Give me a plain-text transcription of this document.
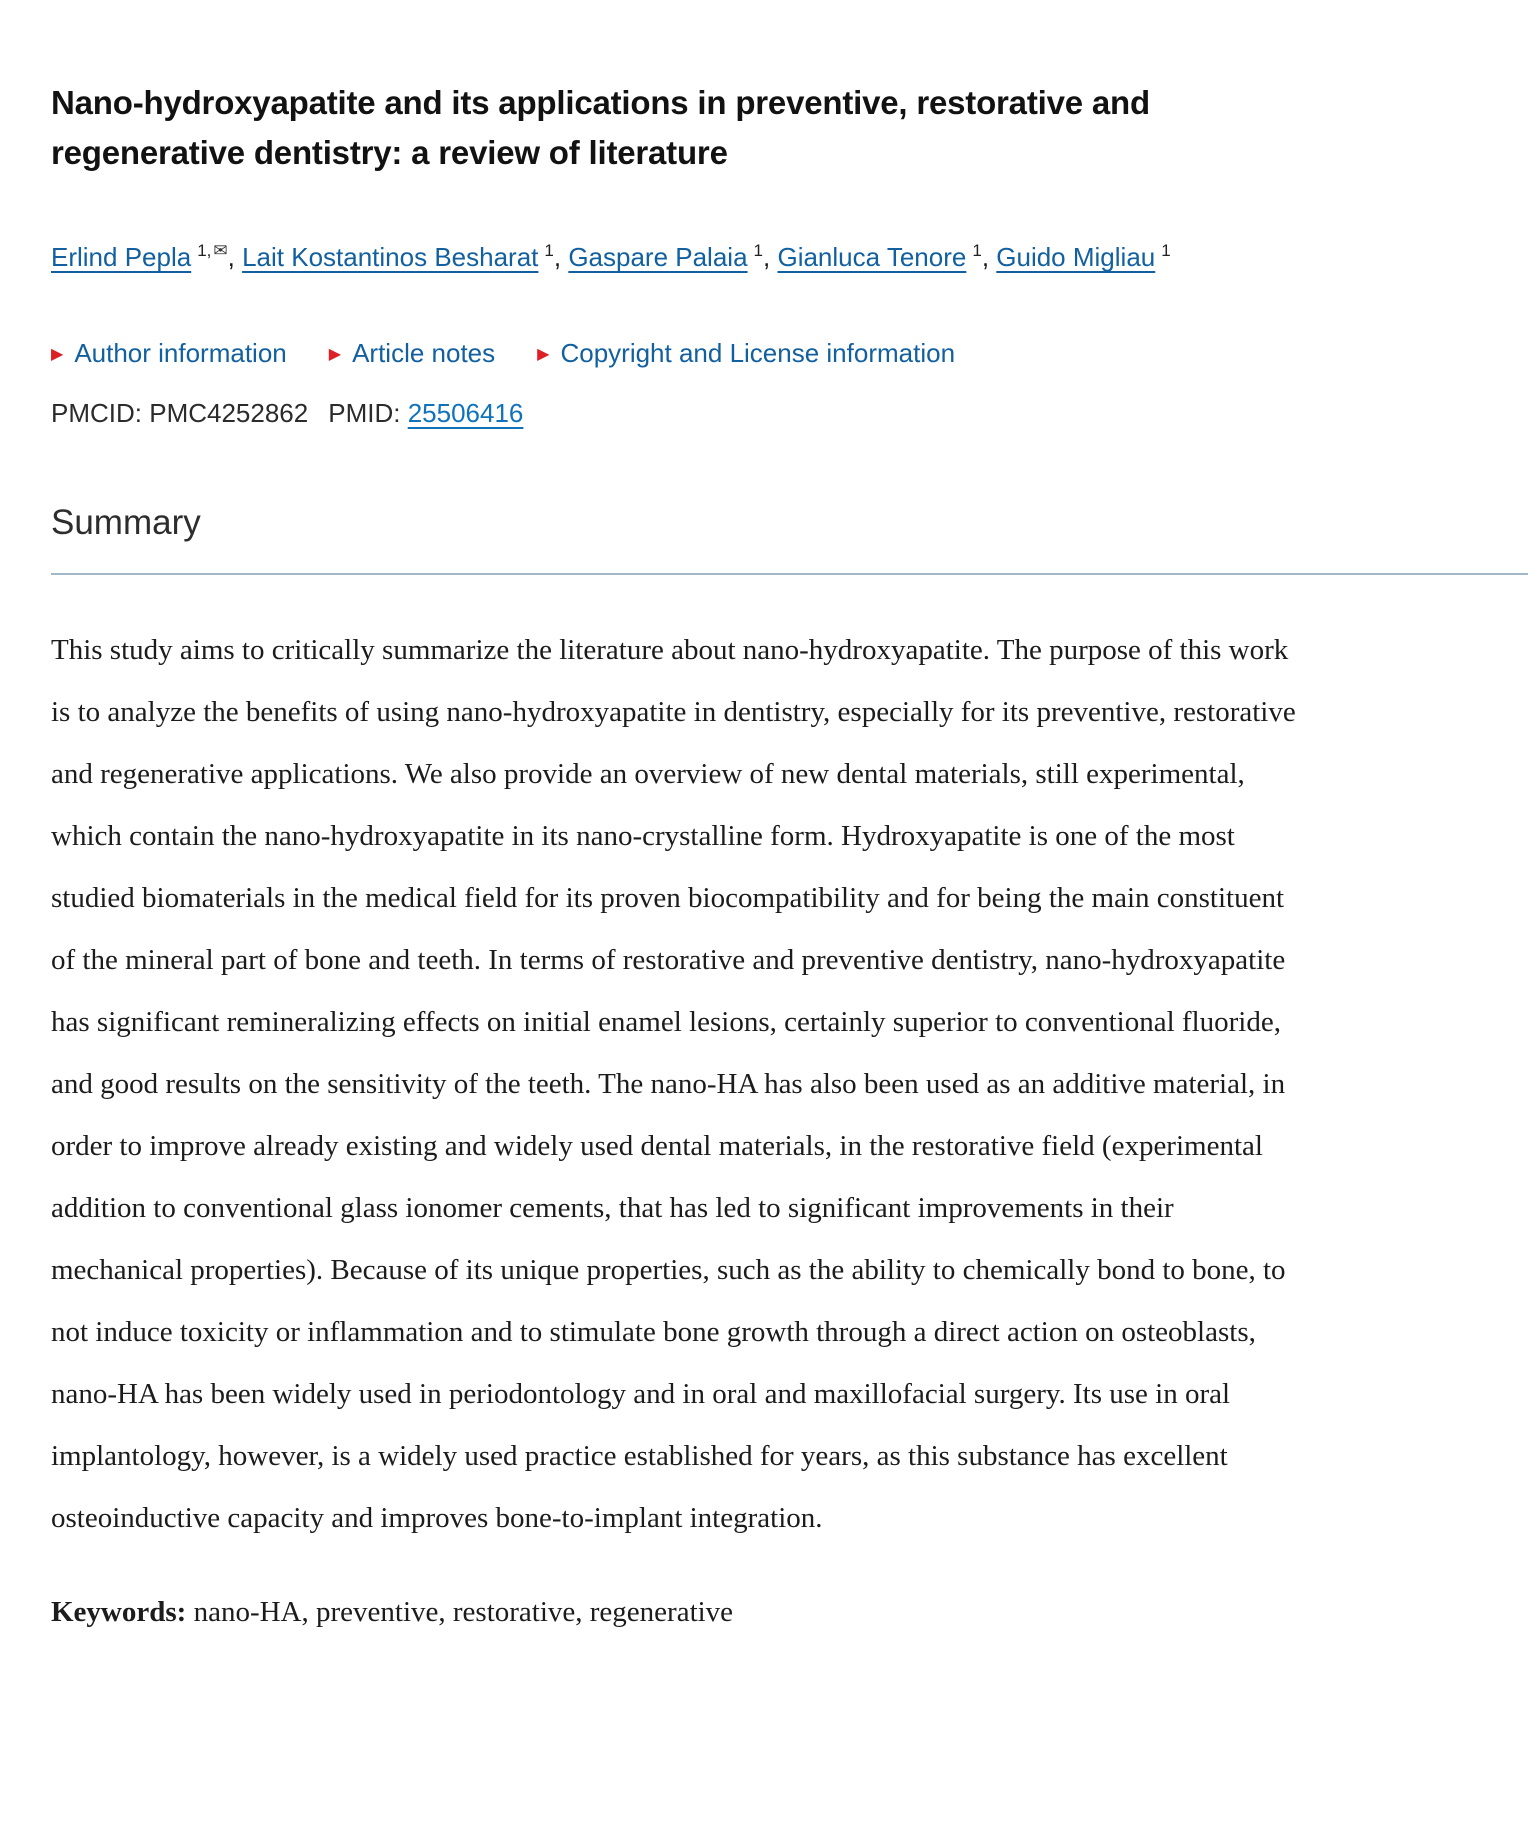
Nano-hydroxyapatite and its applications in preventive, restorative and regenerative dentistry: a review of literature
Erlind Pepla $^{1, ✉}$, Lait Kostantinos Besharat $^1$, Gaspare Palaia $^1$, Gianluca Tenore $^1$, Guido Migliau $^1$
▶ Author information	▶ Article notes	▶ Copyright and License information
PMCID: PMC4252862 PMID: 25506416
Summary

This study aims to critically summarize the literature about nano-hydroxyapatite. The purpose of this work is to analyze the benefits of using nano-hydroxyapatite in dentistry, especially for its preventive, restorative and regenerative applications. We also provide an overview of new dental materials, still experimental, which contain the nano-hydroxyapatite in its nano-crystalline form. Hydroxyapatite is one of the most studied biomaterials in the medical field for its proven biocompatibility and for being the main constituent of the mineral part of bone and teeth. In terms of restorative and preventive dentistry, nano-hydroxyapatite has significant remineralizing effects on initial enamel lesions, certainly superior to conventional fluoride, and good results on the sensitivity of the teeth. The nano-HA has also been used as an additive material, in order to improve already existing and widely used dental materials, in the restorative field (experimental addition to conventional glass ionomer cements, that has led to significant improvements in their mechanical properties). Because of its unique properties, such as the ability to chemically bond to bone, to not induce toxicity or inflammation and to stimulate bone growth through a direct action on osteoblasts, nano-HA has been widely used in periodontology and in oral and maxillofacial surgery. Its use in oral implantology, however, is a widely used practice established for years, as this substance has excellent osteoinductive capacity and improves bone-to-implant integration.

Keywords: nano-HA, preventive, restorative, regenerative
